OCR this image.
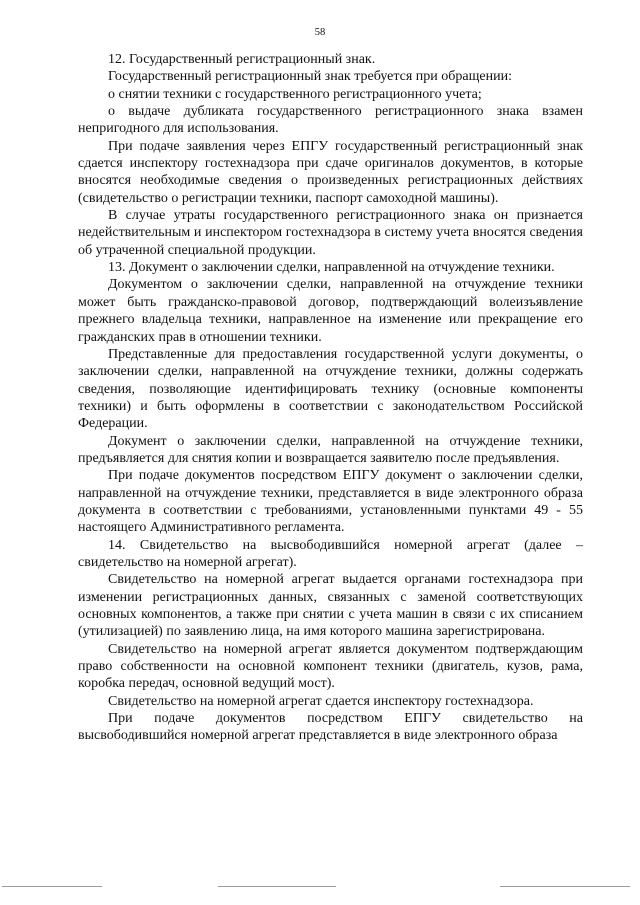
58

12. Государственный регистрационный знак.

Государственный регистрационный знак требуется при обращении:

о снятии техники с государственного регистрационного учета;

о выдаче дубликата государственного регистрационного знака взамен непригодного для использования.

При подаче заявления через ЕПГУ государственный регистрационный знак сдается инспектору гостехнадзора при сдаче оригиналов документов, в которые вносятся необходимые сведения о произведенных регистрационных действиях (свидетельство о регистрации техники, паспорт самоходной машины).

В случае утраты государственного регистрационного знака он признается недействительным и инспектором гостехнадзора в систему учета вносятся сведения об утраченной специальной продукции.

13. Документ о заключении сделки, направленной на отчуждение техники.

Документом о заключении сделки, направленной на отчуждение техники может быть гражданско-правовой договор, подтверждающий волеизъявление прежнего владельца техники, направленное на изменение или прекращение его гражданских прав в отношении техники.

Представленные для предоставления государственной услуги документы, о заключении сделки, направленной на отчуждение техники, должны содержать сведения, позволяющие идентифицировать технику (основные компоненты техники) и быть оформлены в соответствии с законодательством Российской Федерации.

Документ о заключении сделки, направленной на отчуждение техники, предъявляется для снятия копии и возвращается заявителю после предъявления.

При подаче документов посредством ЕПГУ документ о заключении сделки, направленной на отчуждение техники, представляется в виде электронного образа документа в соответствии с требованиями, установленными пунктами 49 - 55 настоящего Административного регламента.

14. Свидетельство на высвободившийся номерной агрегат (далее – свидетельство на номерной агрегат).

Свидетельство на номерной агрегат выдается органами гостехнадзора при изменении регистрационных данных, связанных с заменой соответствующих основных компонентов, а также при снятии с учета машин в связи с их списанием (утилизацией) по заявлению лица, на имя которого машина зарегистрирована.

Свидетельство на номерной агрегат является документом подтверждающим право собственности на основной компонент техники (двигатель, кузов, рама, коробка передач, основной ведущий мост).

Свидетельство на номерной агрегат сдается инспектору гостехнадзора.

При подаче документов посредством ЕПГУ свидетельство на высвободившийся номерной агрегат представляется в виде электронного образа
